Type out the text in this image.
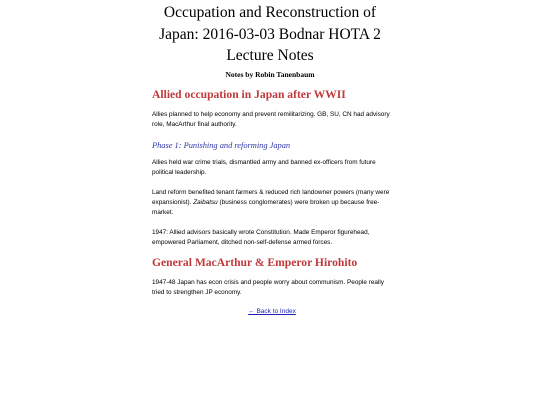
Occupation and Reconstruction of
Japan: 2016-03-03 Bodnar HOTA 2
Lecture Notes

Notes by Robin Tanenbaum

Allied occupation in Japan after WWII

Allies planned to help economy and prevent remilitarizing. GB, SU, CN had advisory role, MacArthur final authority.

Phase 1: Punishing and reforming Japan

Allies held war crime trials, dismantled army and banned ex-officers from future political leadership.

Land reform benefited tenant farmers & reduced rich landowner powers (many were expansionist). Zaibatsu (business conglomerates) were broken up because free-market.

1947: Allied advisors basically wrote Constitution. Made Emperor figurehead, empowered Parliament, ditched non-self-defense armed forces.

General MacArthur & Emperor Hirohito

1947-48 Japan has econ crisis and people worry about communism. People really tried to strengthen JP economy.

← Back to Index
